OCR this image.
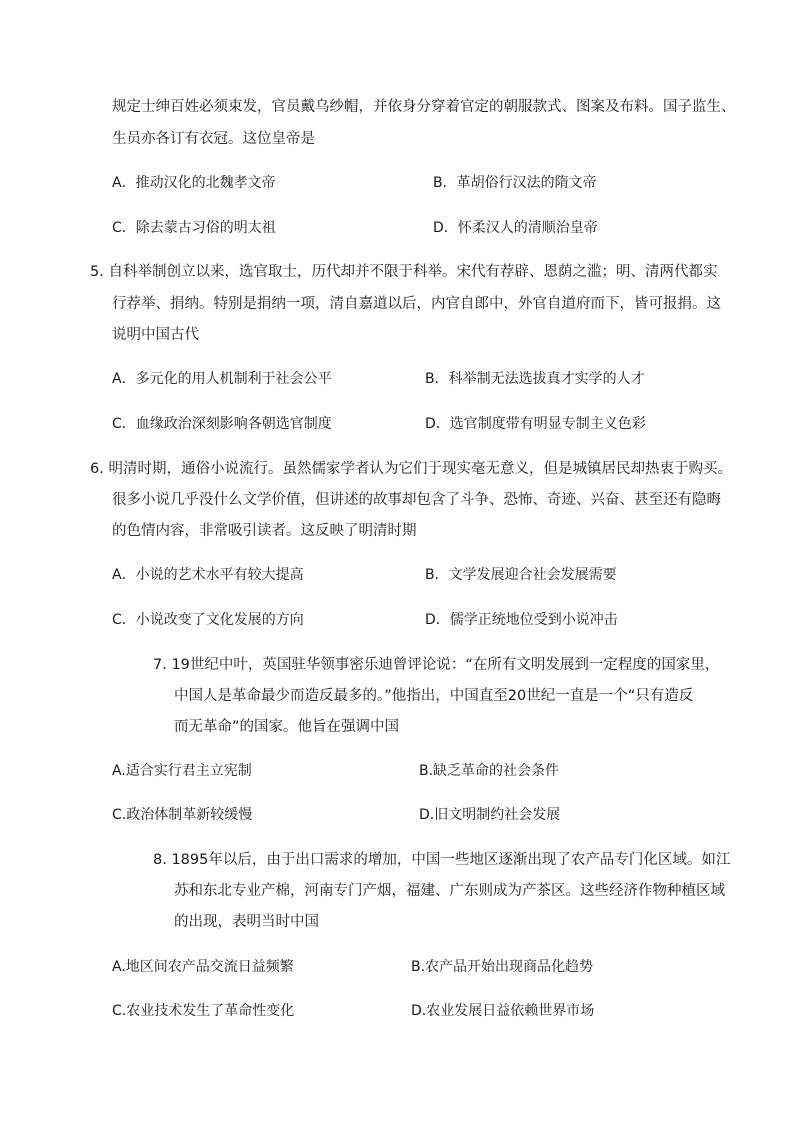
规定士绅百姓必须束发，官员戴乌纱帽，并依身分穿着官定的朝服款式、图案及布料。国子监生、
生员亦各订有衣冠。这位皇帝是
A．推动汉化的北魏孝文帝	B．革胡俗行汉法的隋文帝
C．除去蒙古习俗的明太祖	D．怀柔汉人的清顺治皇帝
5. 自科举制创立以来，选官取士，历代却并不限于科举。宋代有荐辟、恩荫之滥；明、清两代都实
行荐举、捐纳。特别是捐纳一项，清自嘉道以后，内官自郎中，外官自道府而下，皆可报捐。这
说明中国古代
A．多元化的用人机制利于社会公平	B．科举制无法选拔真才实学的人才
C．血缘政治深刻影响各朝选官制度	D．选官制度带有明显专制主义色彩
6. 明清时期，通俗小说流行。虽然儒家学者认为它们于现实毫无意义，但是城镇居民却热衷于购买。
很多小说几乎没什么文学价值，但讲述的故事却包含了斗争、恐怖、奇迹、兴奋、甚至还有隐晦
的色情内容，非常吸引读者。这反映了明清时期
A．小说的艺术水平有较大提高	B．文学发展迎合社会发展需要
C．小说改变了文化发展的方向	D．儒学正统地位受到小说冲击
7. 19世纪中叶，英国驻华领事密乐迪曾评论说：“在所有文明发展到一定程度的国家里，
中国人是革命最少而造反最多的。”他指出，中国直至20世纪一直是一个“只有造反
而无革命”的国家。他旨在强调中国
A.适合实行君主立宪制	B.缺乏革命的社会条件
C.政治体制革新较缓慢	D.旧文明制约社会发展
8. 1895年以后，由于出口需求的增加，中国一些地区逐渐出现了农产品专门化区域。如江
苏和东北专业产棉，河南专门产烟，福建、广东则成为产茶区。这些经济作物种植区域
的出现，表明当时中国
A.地区间农产品交流日益频繁	B.农产品开始出现商品化趋势
C.农业技术发生了革命性变化	D.农业发展日益依赖世界市场
